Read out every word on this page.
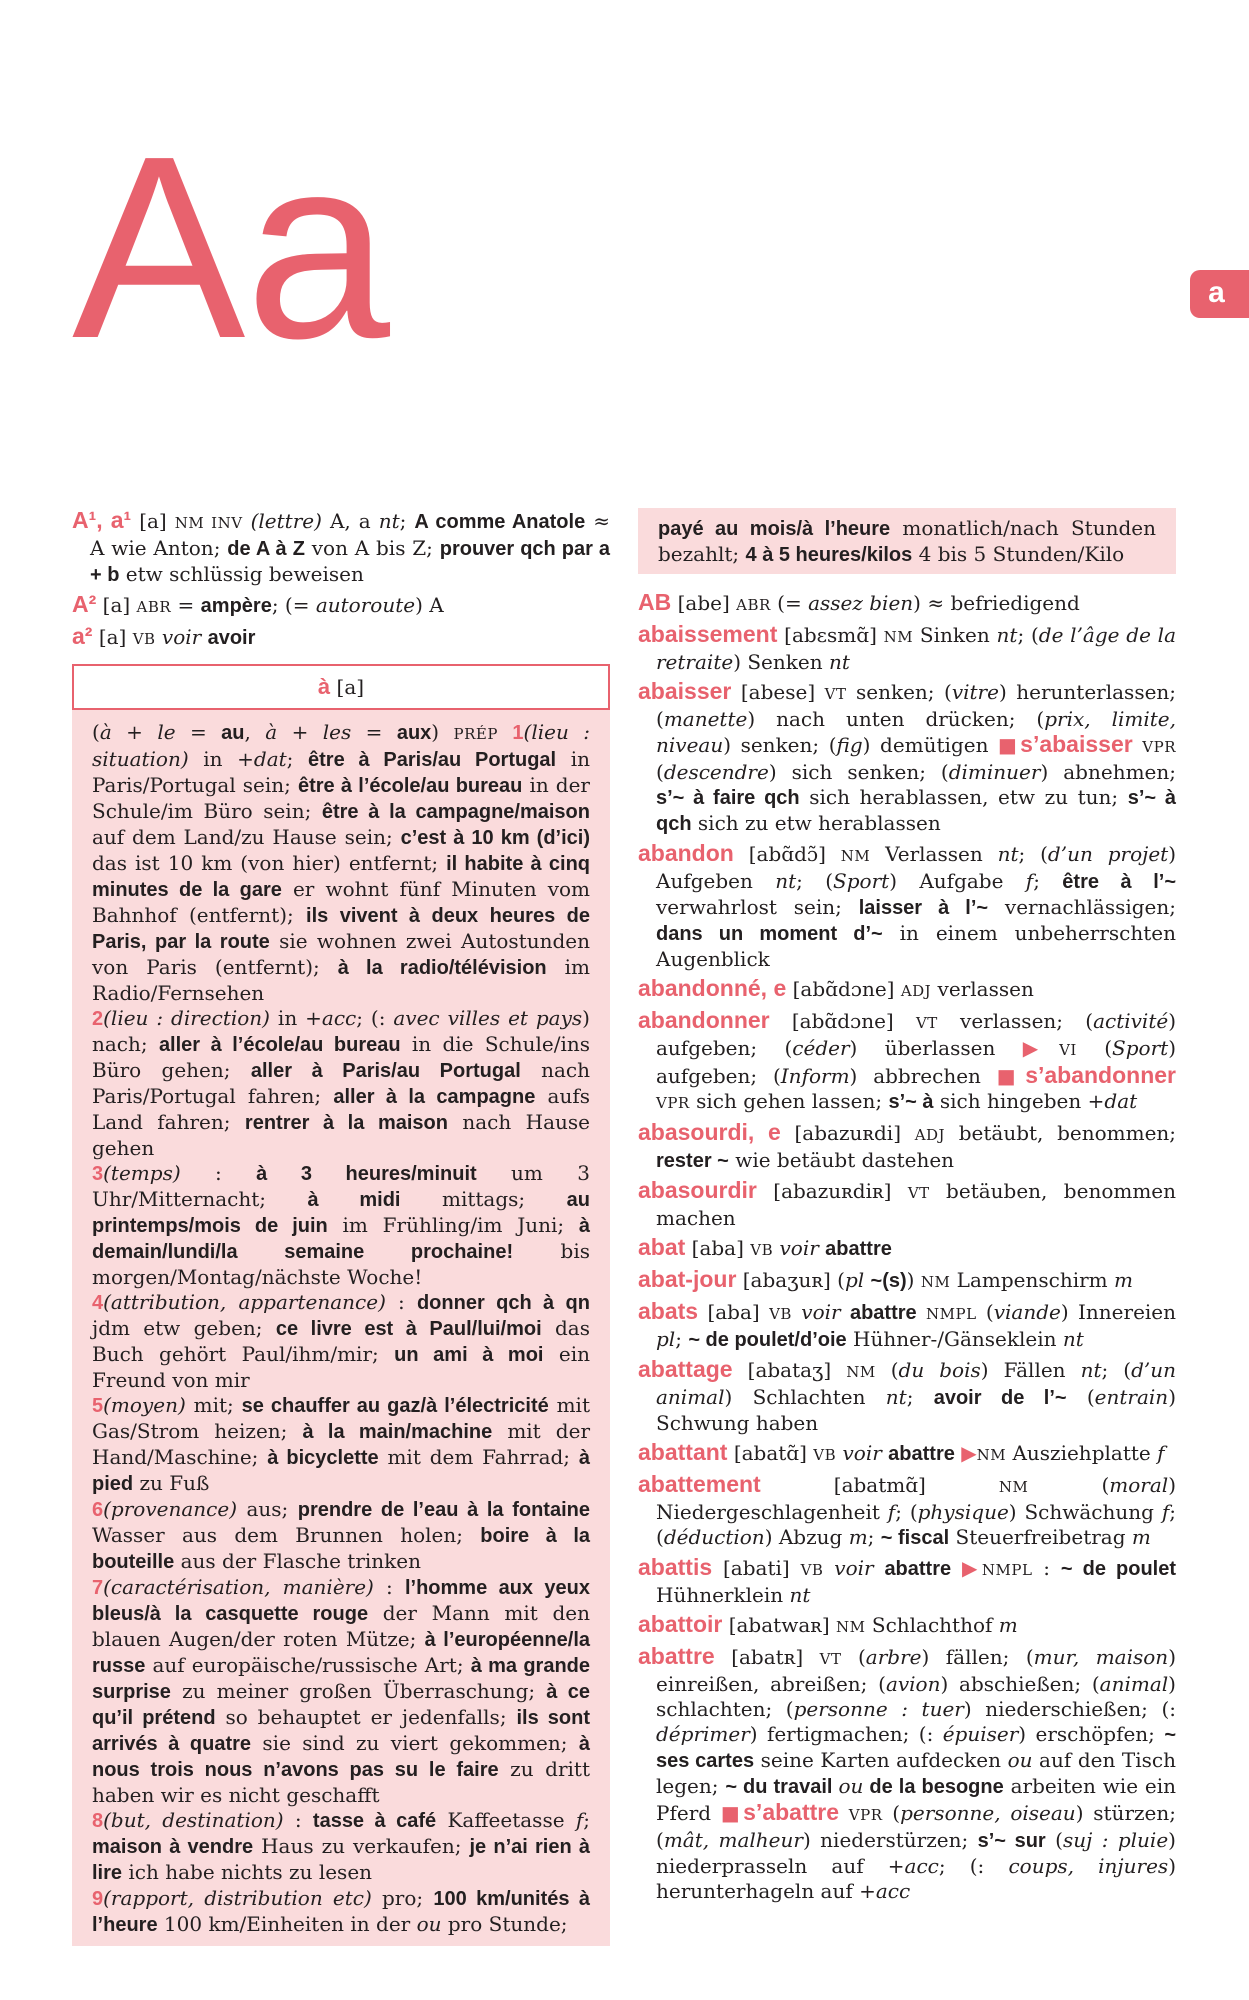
Aa	a

A¹, a¹ [a] NM INV (lettre) A, a nt; A comme Anatole ≈ A wie Anton; de A à Z von A bis Z; prouver qch par a + b etw schlüssig beweisen

A² [a] ABR = ampère; (= autoroute) A

a² [a] VB voir avoir

à [a]

(à + le = au, à + les = aux) PRÉP 1(lieu : situation) in +dat; être à Paris/au Portugal in Paris/Portugal sein; être à l’école/au bureau in der Schule/im Büro sein; être à la campagne/maison auf dem Land/zu Hause sein; c’est à 10 km (d’ici) das ist 10 km (von hier) entfernt; il habite à cinq minutes de la gare er wohnt fünf Minuten vom Bahnhof (entfernt); ils vivent à deux heures de Paris, par la route sie wohnen zwei Autostunden von Paris (entfernt); à la radio/télévision im Radio/Fernsehen

2(lieu : direction) in +acc; (: avec villes et pays) nach; aller à l’école/au bureau in die Schule/ins Büro gehen; aller à Paris/au Portugal nach Paris/Portugal fahren; aller à la campagne aufs Land fahren; rentrer à la maison nach Hause gehen

3(temps) : à 3 heures/minuit um 3 Uhr/Mitternacht; à midi mittags; au printemps/mois de juin im Frühling/im Juni; à demain/lundi/la semaine prochaine! bis morgen/Montag/nächste Woche!

4(attribution, appartenance) : donner qch à qn jdm etw geben; ce livre est à Paul/lui/moi das Buch gehört Paul/ihm/mir; un ami à moi ein Freund von mir

5(moyen) mit; se chauffer au gaz/à l’électricité mit Gas/Strom heizen; à la main/machine mit der Hand/Maschine; à bicyclette mit dem Fahrrad; à pied zu Fuß

6(provenance) aus; prendre de l’eau à la fontaine Wasser aus dem Brunnen holen; boire à la bouteille aus der Flasche trinken

7(caractérisation, manière) : l’homme aux yeux bleus/à la casquette rouge der Mann mit den blauen Augen/der roten Mütze; à l’européenne/la russe auf europäische/russische Art; à ma grande surprise zu meiner großen Überraschung; à ce qu’il prétend so behauptet er jedenfalls; ils sont arrivés à quatre sie sind zu viert gekommen; à nous trois nous n’avons pas su le faire zu dritt haben wir es nicht geschafft

8(but, destination) : tasse à café Kaffeetasse f; maison à vendre Haus zu verkaufen; je n’ai rien à lire ich habe nichts zu lesen

9(rapport, distribution etc) pro; 100 km/unités à l’heure 100 km/Einheiten in der ou pro Stunde;

payé au mois/à l’heure monatlich/nach Stunden bezahlt; 4 à 5 heures/kilos 4 bis 5 Stunden/Kilo

AB [abe] ABR (= assez bien) ≈ befriedigend

abaissement [abɛsmɑ̃] NM Sinken nt; (de l’âge de la retraite) Senken nt

abaisser [abese] VT senken; (vitre) herunterlassen; (manette) nach unten drücken; (prix, limite, niveau) senken; (fig) demütigen ■s’abaisser VPR (descendre) sich senken; (diminuer) abnehmen; s’~ à faire qch sich herablassen, etw zu tun; s’~ à qch sich zu etw herablassen

abandon [abɑ̃dɔ̃] NM Verlassen nt; (d’un projet) Aufgeben nt; (Sport) Aufgabe f; être à l’~ verwahrlost sein; laisser à l’~ vernachlässigen; dans un moment d’~ in einem unbeherrschten Augenblick

abandonné, e [abɑ̃dɔne] ADJ verlassen

abandonner [abɑ̃dɔne] VT verlassen; (activité) aufgeben; (céder) überlassen ▶VI (Sport) aufgeben; (Inform) abbrechen ■s’abandonner VPR sich gehen lassen; s’~ à sich hingeben +dat

abasourdi, e [abazuʀdi] ADJ betäubt, benommen; rester ~ wie betäubt dastehen

abasourdir [abazuʀdiʀ] VT betäuben, benommen machen

abat [aba] VB voir abattre

abat-jour [abaʒuʀ] (pl ~(s)) NM Lampenschirm m

abats [aba] VB voir abattre NMPL (viande) Innereien pl; ~ de poulet/d’oie Hühner-/Gänseklein nt

abattage [abataʒ] NM (du bois) Fällen nt; (d’un animal) Schlachten nt; avoir de l’~ (entrain) Schwung haben

abattant [abatɑ̃] VB voir abattre ▶NM Ausziehplatte f

abattement	[abatmɑ̃]	NM (moral) Niedergeschlagenheit f; (physique) Schwächung f; (déduction) Abzug m; ~ fiscal Steuerfreibetrag m

abattis [abati] VB voir abattre ▶NMPL : ~ de poulet Hühnerklein nt

abattoir [abatwaʀ] NM Schlachthof m

abattre [abatʀ] VT (arbre) fällen; (mur, maison) einreißen, abreißen; (avion) abschießen; (animal) schlachten; (personne : tuer) niederschießen; (: déprimer) fertigmachen; (: épuiser) erschöpfen; ~ ses cartes seine Karten aufdecken ou auf den Tisch legen; ~ du travail ou de la besogne arbeiten wie ein Pferd ■s’abattre VPR (personne, oiseau) stürzen; (mât, malheur) niederstürzen; s’~ sur (suj : pluie) niederprasseln auf +acc; (: coups, injures) herunterhageln auf +acc
